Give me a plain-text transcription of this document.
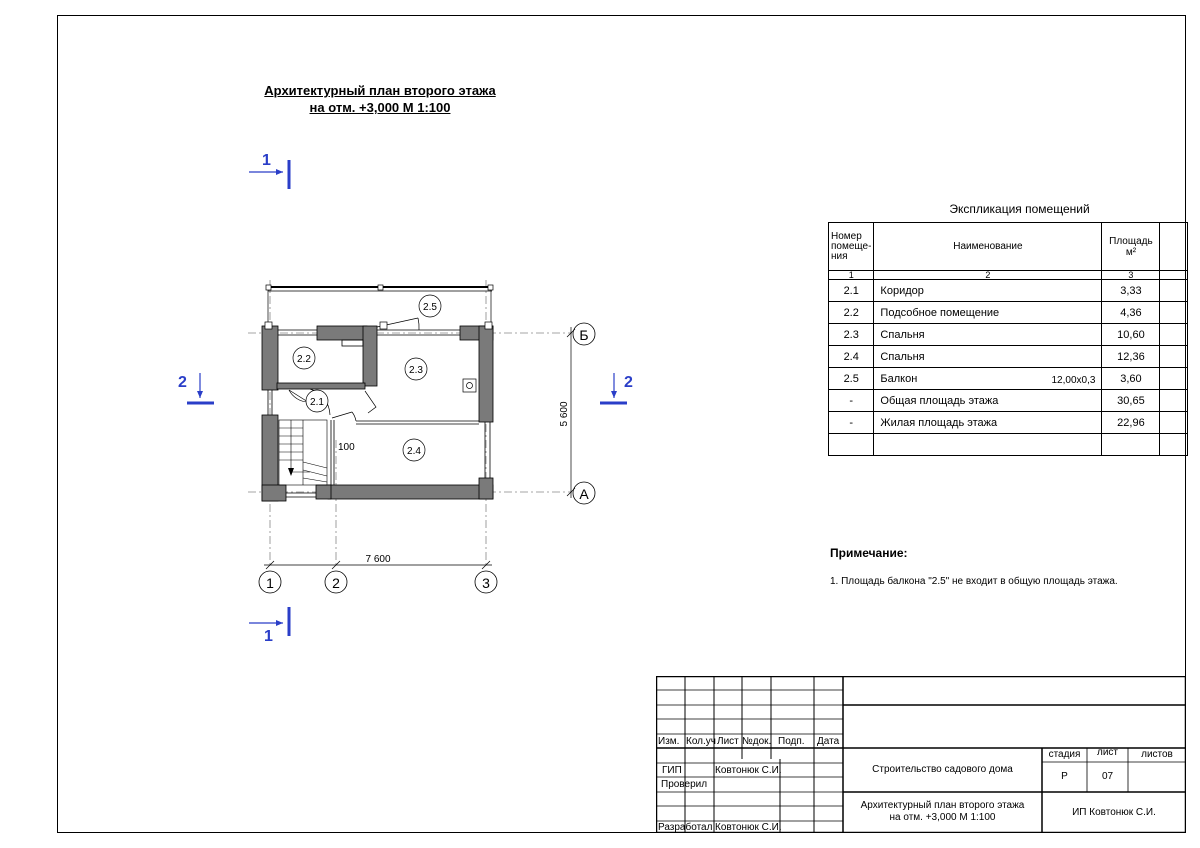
Архитектурный план второго этажа
на отм. +3,000 М 1:100
1
1
2	2
1	2	3
Б
А
7 600
5 600
2.5
2.2
2.3
2.1
2.4
100
Экспликация помещений
Номер помеще-ния	Наименование	Площадь м²	
1	2	3	
2.1	Коридор	3,33	
2.2	Подсобное помещение	4,36	
2.3	Спальня	10,60	
2.4	Спальня	12,36	
2.5	Балкон 12,00x0,3	3,60	
-	Общая площадь этажа	30,65	
-	Жилая площадь этажа	22,96	

Примечание:
1. Площадь балкона "2.5" не входит в общую площадь этажа.
Изм. Кол.уч Лист №док. Подп. Дата
ГИП	Ковтонюк С.И.
Проверил
Разработал Ковтонюк С.И.
Строительство садового дома
Архитектурный план второго этажа
на отм. +3,000 М 1:100
стадия	лист	листов
Р	07
ИП Ковтонюк С.И.
